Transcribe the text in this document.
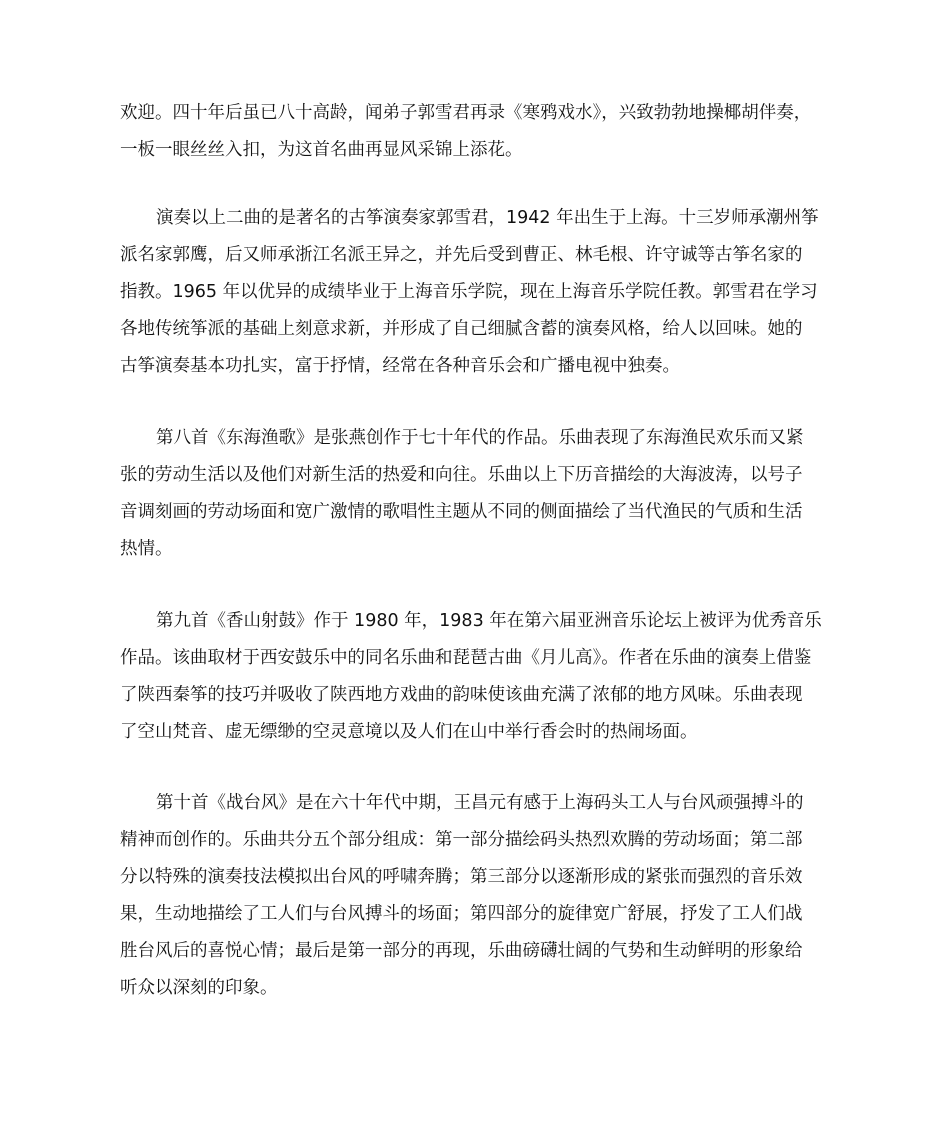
欢迎。四十年后虽已八十高龄，闻弟子郭雪君再录《寒鸦戏水》，兴致勃勃地操椰胡伴奏，
一板一眼丝丝入扣，为这首名曲再显风采锦上添花。

演奏以上二曲的是著名的古筝演奏家郭雪君，1942 年出生于上海。十三岁师承潮州筝
派名家郭鹰，后又师承浙江名派王异之，并先后受到曹正、林毛根、许守诚等古筝名家的
指教。1965 年以优异的成绩毕业于上海音乐学院，现在上海音乐学院任教。郭雪君在学习
各地传统筝派的基础上刻意求新，并形成了自己细腻含蓄的演奏风格，给人以回味。她的
古筝演奏基本功扎实，富于抒情，经常在各种音乐会和广播电视中独奏。

第八首《东海渔歌》是张燕创作于七十年代的作品。乐曲表现了东海渔民欢乐而又紧
张的劳动生活以及他们对新生活的热爱和向往。乐曲以上下历音描绘的大海波涛，以号子
音调刻画的劳动场面和宽广激情的歌唱性主题从不同的侧面描绘了当代渔民的气质和生活
热情。

第九首《香山射鼓》作于 1980 年，1983 年在第六届亚洲音乐论坛上被评为优秀音乐
作品。该曲取材于西安鼓乐中的同名乐曲和琵琶古曲《月儿高》。作者在乐曲的演奏上借鉴
了陕西秦筝的技巧并吸收了陕西地方戏曲的韵味使该曲充满了浓郁的地方风味。乐曲表现
了空山梵音、虚无缥缈的空灵意境以及人们在山中举行香会时的热闹场面。

第十首《战台风》是在六十年代中期，王昌元有感于上海码头工人与台风顽强搏斗的
精神而创作的。乐曲共分五个部分组成：第一部分描绘码头热烈欢腾的劳动场面；第二部
分以特殊的演奏技法模拟出台风的呼啸奔腾；第三部分以逐渐形成的紧张而强烈的音乐效
果，生动地描绘了工人们与台风搏斗的场面；第四部分的旋律宽广舒展，抒发了工人们战
胜台风后的喜悦心情；最后是第一部分的再现，乐曲磅礴壮阔的气势和生动鲜明的形象给
听众以深刻的印象。
